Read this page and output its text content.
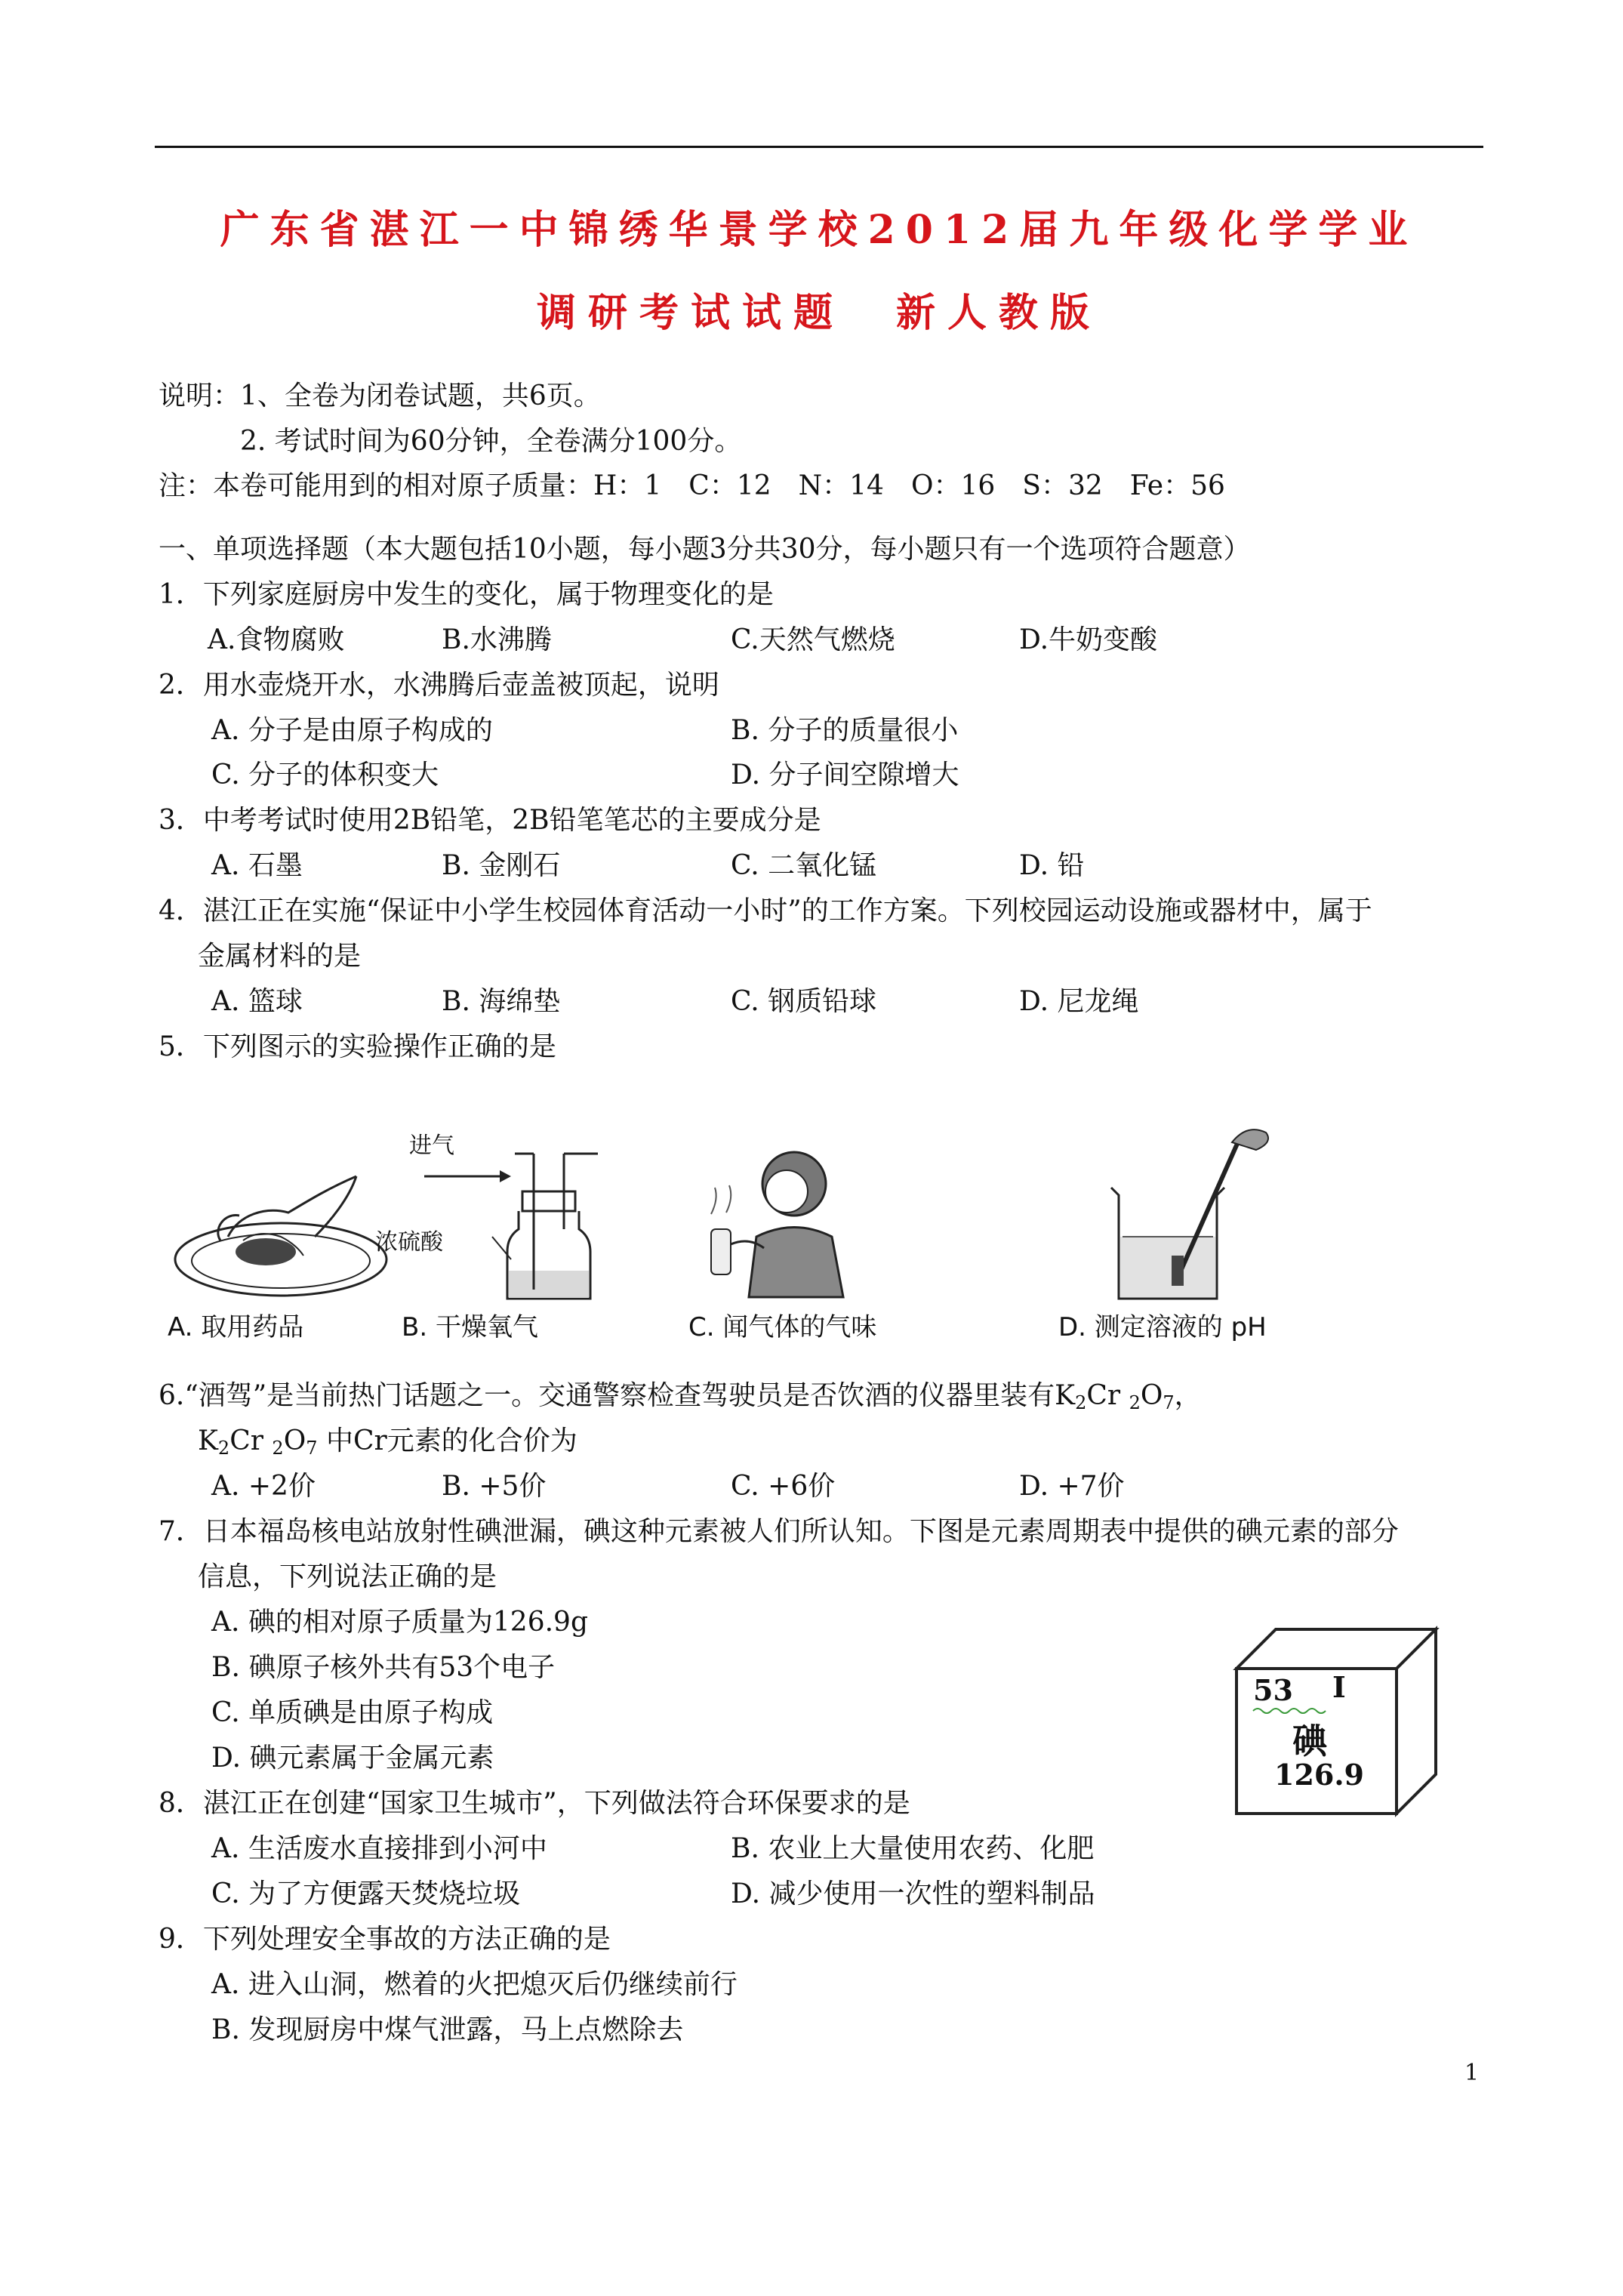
广东省湛江一中锦绣华景学校2012届九年级化学学业
调研考试试题　新人教版
说明：1、全卷为闭卷试题，共6页。
2. 考试时间为60分钟，全卷满分100分。
注：本卷可能用到的相对原子质量：H：1　C：12　N：14　O：16　S：32　Fe：56
一、单项选择题（本大题包括10小题，每小题3分共30分，每小题只有一个选项符合题意）
1．下列家庭厨房中发生的变化，属于物理变化的是
A.食物腐败	B.水沸腾	C.天然气燃烧	D.牛奶变酸
2．用水壶烧开水，水沸腾后壶盖被顶起，说明
A. 分子是由原子构成的	B. 分子的质量很小
C. 分子的体积变大	D. 分子间空隙增大
3．中考考试时使用2B铅笔，2B铅笔笔芯的主要成分是
A. 石墨	B. 金刚石	C. 二氧化锰	D. 铅
4．湛江正在实施“保证中小学生校园体育活动一小时”的工作方案。下列校园运动设施或器材中，属于
金属材料的是
A. 篮球	B. 海绵垫	C. 钢质铅球	D. 尼龙绳
5．下列图示的实验操作正确的是
A. 取用药品
进气
浓硫酸
B. 干燥氧气	C. 闻气体的气味	D. 测定溶液的 pH
6.“酒驾”是当前热门话题之一。交通警察检查驾驶员是否饮酒的仪器里装有$K_2Cr$ $_2O_7$，
$K_2Cr$ $_2O_7$ 中Cr元素的化合价为
A. +2价	B. +5价	C. +6价	D. +7价
7．日本福岛核电站放射性碘泄漏，碘这种元素被人们所认知。下图是元素周期表中提供的碘元素的部分
信息，下列说法正确的是
A. 碘的相对原子质量为126.9g
B. 碘原子核外共有53个电子
C. 单质碘是由原子构成
D. 碘元素属于金属元素
53 I
碘
126.9
8．湛江正在创建“国家卫生城市”，下列做法符合环保要求的是
A. 生活废水直接排到小河中	B. 农业上大量使用农药、化肥
C. 为了方便露天焚烧垃圾	D. 减少使用一次性的塑料制品
9．下列处理安全事故的方法正确的是
A. 进入山洞，燃着的火把熄灭后仍继续前行
B. 发现厨房中煤气泄露，马上点燃除去
1
